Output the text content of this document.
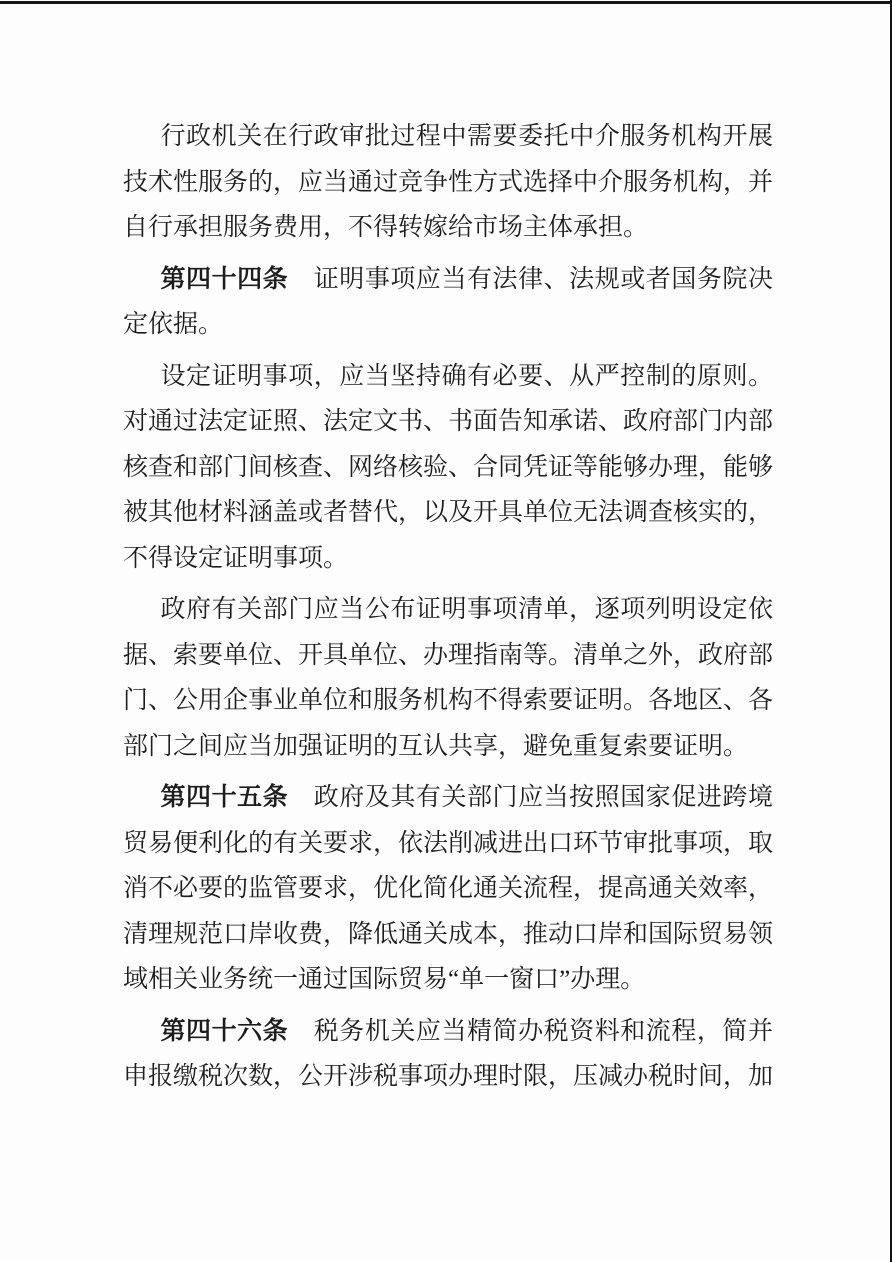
行政机关在行政审批过程中需要委托中介服务机构开展技术性服务的，应当通过竞争性方式选择中介服务机构，并自行承担服务费用，不得转嫁给市场主体承担。

第四十四条　证明事项应当有法律、法规或者国务院决定依据。

设定证明事项，应当坚持确有必要、从严控制的原则。对通过法定证照、法定文书、书面告知承诺、政府部门内部核查和部门间核查、网络核验、合同凭证等能够办理，能够被其他材料涵盖或者替代，以及开具单位无法调查核实的，不得设定证明事项。

政府有关部门应当公布证明事项清单，逐项列明设定依据、索要单位、开具单位、办理指南等。清单之外，政府部门、公用企事业单位和服务机构不得索要证明。各地区、各部门之间应当加强证明的互认共享，避免重复索要证明。

第四十五条　政府及其有关部门应当按照国家促进跨境贸易便利化的有关要求，依法削减进出口环节审批事项，取消不必要的监管要求，优化简化通关流程，提高通关效率，清理规范口岸收费，降低通关成本，推动口岸和国际贸易领域相关业务统一通过国际贸易“单一窗口”办理。

第四十六条　税务机关应当精简办税资料和流程，简并申报缴税次数，公开涉税事项办理时限，压减办税时间，加
